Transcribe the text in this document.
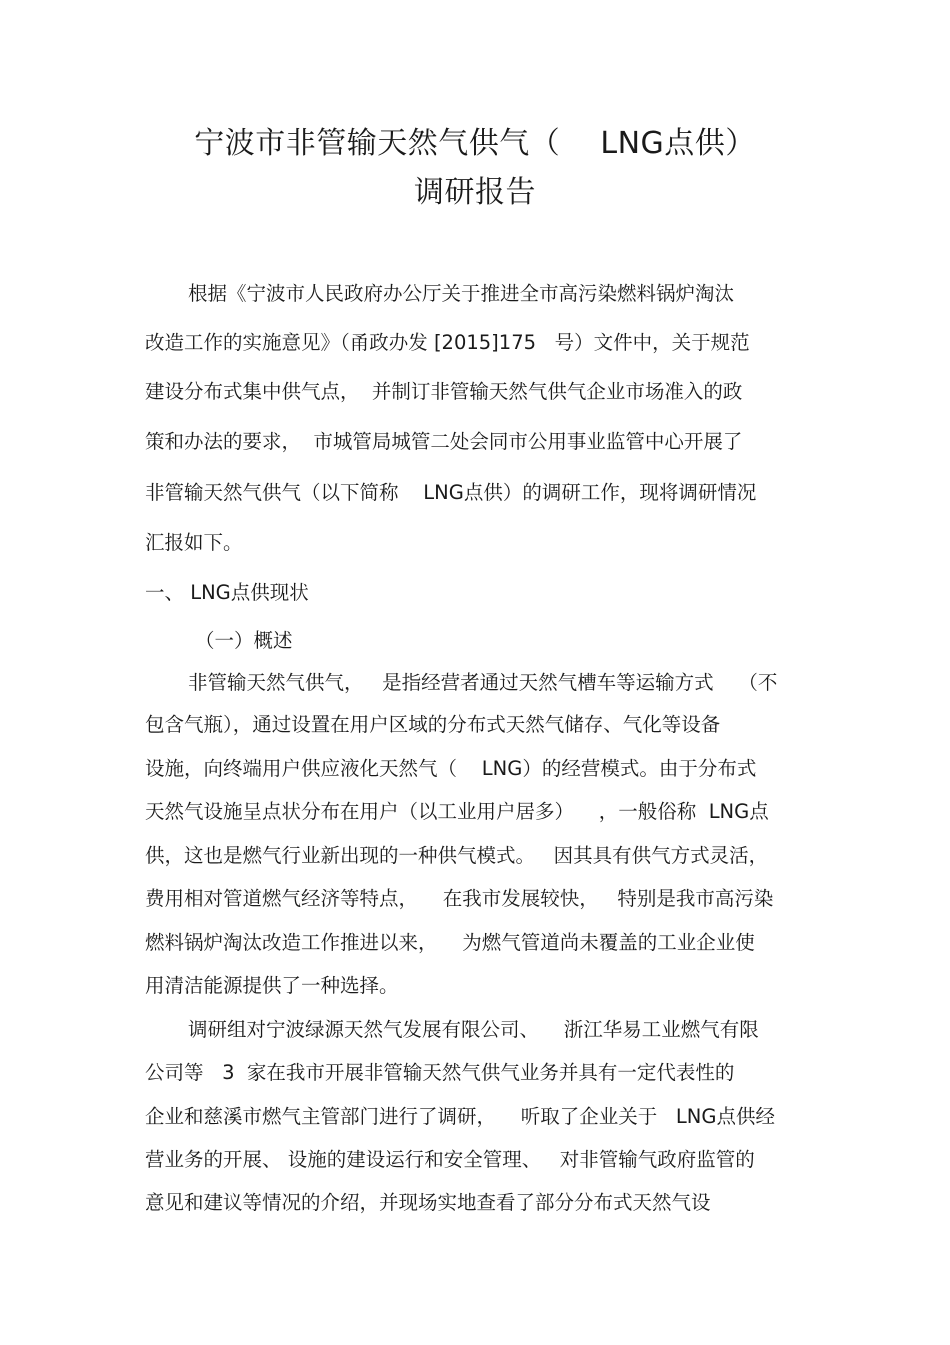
宁波市非管输天然气供气（    LNG点供）
调研报告
根据《宁波市人民政府办公厅关于推进全市高污染燃料锅炉淘汰
改造工作的实施意见》（甬政办发 [2015]175   号）文件中，关于规范
建设分布式集中供气点，  并制订非管输天然气供气企业市场准入的政
策和办法的要求，  市城管局城管二处会同市公用事业监管中心开展了
非管输天然气供气（以下简称    LNG点供）的调研工作，现将调研情况
汇报如下。
一、 LNG点供现状
（一）概述
非管输天然气供气，   是指经营者通过天然气槽车等运输方式    （不
包含气瓶），通过设置在用户区域的分布式天然气储存、气化等设备
设施，向终端用户供应液化天然气（    LNG）的经营模式。由于分布式
天然气设施呈点状分布在用户（以工业用户居多）    ，一般俗称  LNG点
供，这也是燃气行业新出现的一种供气模式。   因其具有供气方式灵活，
费用相对管道燃气经济等特点，    在我市发展较快，   特别是我市高污染
燃料锅炉淘汰改造工作推进以来，    为燃气管道尚未覆盖的工业企业使
用清洁能源提供了一种选择。
调研组对宁波绿源天然气发展有限公司、    浙江华易工业燃气有限
公司等   3  家在我市开展非管输天然气供气业务并具有一定代表性的
企业和慈溪市燃气主管部门进行了调研，    听取了企业关于   LNG点供经
营业务的开展、 设施的建设运行和安全管理、   对非管输气政府监管的
意见和建议等情况的介绍，并现场实地查看了部分分布式天然气设
